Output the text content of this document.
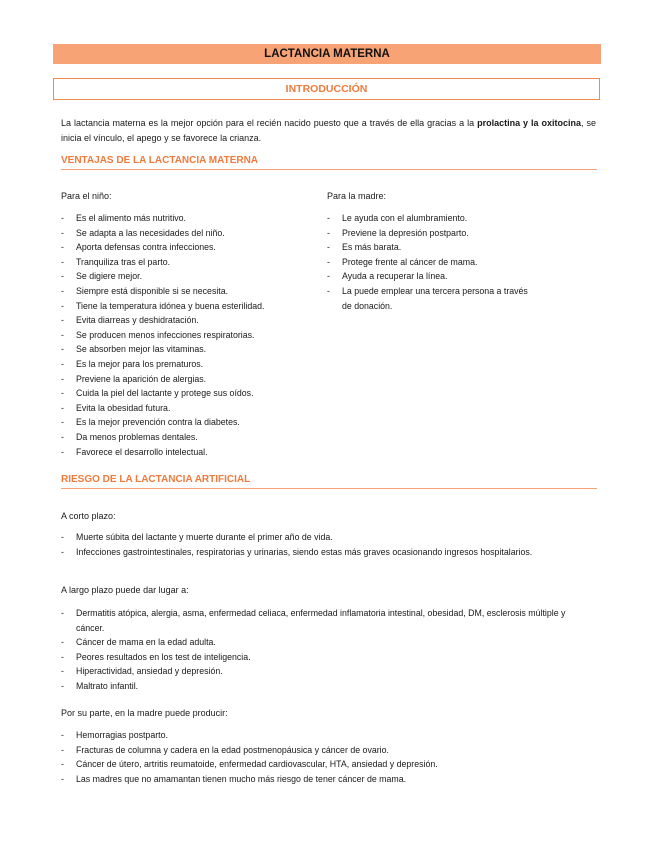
LACTANCIA MATERNA
INTRODUCCIÓN
La lactancia materna es la mejor opción para el recién nacido puesto que a través de ella gracias a la prolactina y la oxitocina, se inicia el vínculo, el apego y se favorece la crianza.
VENTAJAS DE LA LACTANCIA MATERNA
Para el niño:
- Es el alimento más nutritivo.
- Se adapta a las necesidades del niño.
- Aporta defensas contra infecciones.
- Tranquiliza tras el parto.
- Se digiere mejor.
- Siempre está disponible si se necesita.
- Tiene la temperatura idónea y buena esterilidad.
- Evita diarreas y deshidratación.
- Se producen menos infecciones respiratorias.
- Se absorben mejor las vitaminas.
- Es la mejor para los prematuros.
- Previene la aparición de alergias.
- Cuida la piel del lactante y protege sus oídos.
- Evita la obesidad futura.
- Es la mejor prevención contra la diabetes.
- Da menos problemas dentales.
- Favorece el desarrollo intelectual.
Para la madre:
- Le ayuda con el alumbramiento.
- Previene la depresión postparto.
- Es más barata.
- Protege frente al cáncer de mama.
- Ayuda a recuperar la línea.
- La puede emplear una tercera persona a través de donación.
RIESGO DE LA LACTANCIA ARTIFICIAL
A corto plazo:
- Muerte súbita del lactante y muerte durante el primer año de vida.
- Infecciones gastrointestinales, respiratorias y urinarias, siendo estas más graves ocasionando ingresos hospitalarios.
A largo plazo puede dar lugar a:
- Dermatitis atópica, alergia, asma, enfermedad celiaca, enfermedad inflamatoria intestinal, obesidad, DM, esclerosis múltiple y cáncer.
- Cáncer de mama en la edad adulta.
- Peores resultados en los test de inteligencia.
- Hiperactividad, ansiedad y depresión.
- Maltrato infantil.
Por su parte, en la madre puede producir:
- Hemorragias postparto.
- Fracturas de columna y cadera en la edad postmenopáusica y cáncer de ovario.
- Cáncer de útero, artritis reumatoide, enfermedad cardiovascular, HTA, ansiedad y depresión.
- Las madres que no amamantan tienen mucho más riesgo de tener cáncer de mama.
